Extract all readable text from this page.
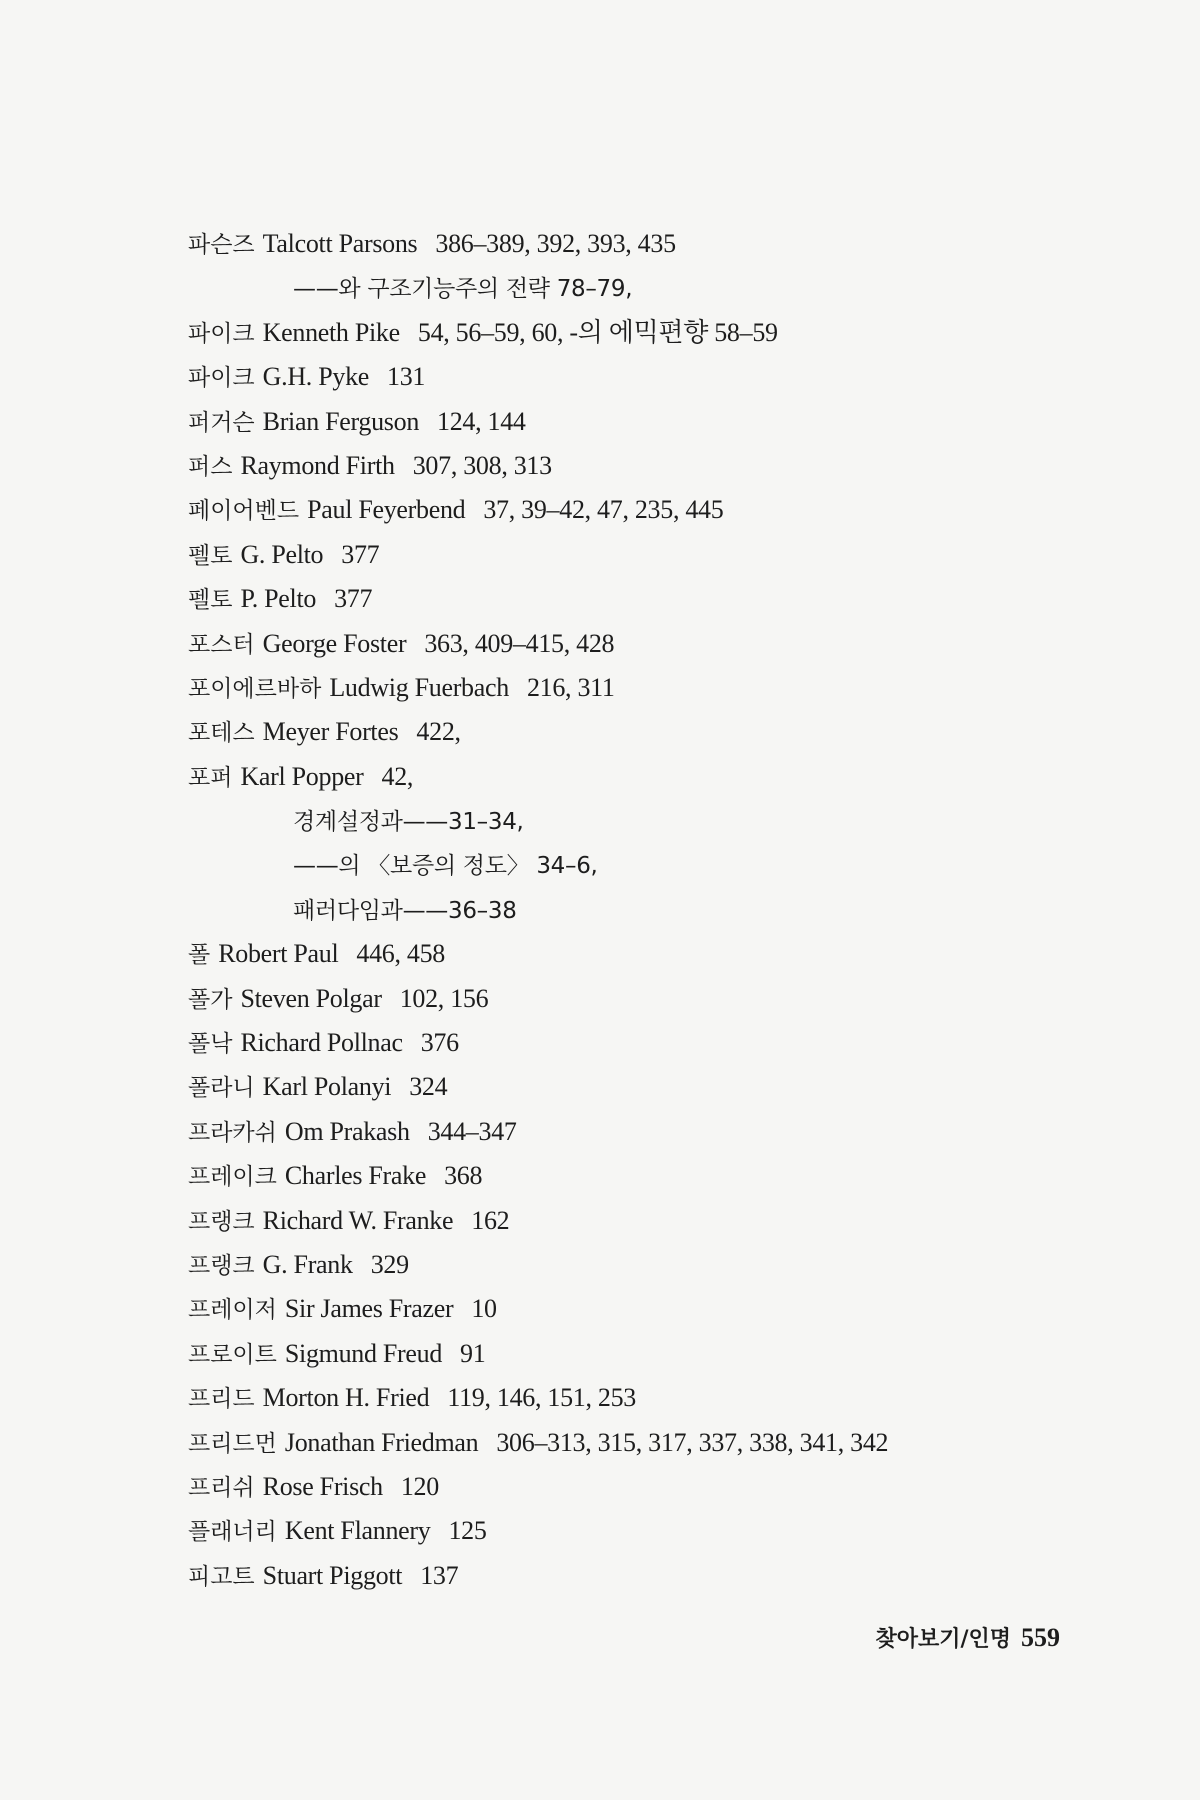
파슨즈 Talcott Parsons 386–389, 392, 393, 435
——와 구조기능주의 전략 78–79,
파이크 Kenneth Pike 54, 56–59, 60, -의 에믹편향 58–59
파이크 G.H. Pyke 131
퍼거슨 Brian Ferguson 124, 144
퍼스 Raymond Firth 307, 308, 313
페이어벤드 Paul Feyerbend 37, 39–42, 47, 235, 445
펠토 G. Pelto 377
펠토 P. Pelto 377
포스터 George Foster 363, 409–415, 428
포이에르바하 Ludwig Fuerbach 216, 311
포테스 Meyer Fortes 422,
포퍼 Karl Popper 42,
경계설정과——31–34,
——의 〈보증의 정도〉 34–6,
패러다임과——36–38
폴 Robert Paul 446, 458
폴가 Steven Polgar 102, 156
폴낙 Richard Pollnac 376
폴라니 Karl Polanyi 324
프라카쉬 Om Prakash 344–347
프레이크 Charles Frake 368
프랭크 Richard W. Franke 162
프랭크 G. Frank 329
프레이저 Sir James Frazer 10
프로이트 Sigmund Freud 91
프리드 Morton H. Fried 119, 146, 151, 253
프리드먼 Jonathan Friedman 306–313, 315, 317, 337, 338, 341, 342
프리쉬 Rose Frisch 120
플래너리 Kent Flannery 125
피고트 Stuart Piggott 137
찾아보기/인명 559
